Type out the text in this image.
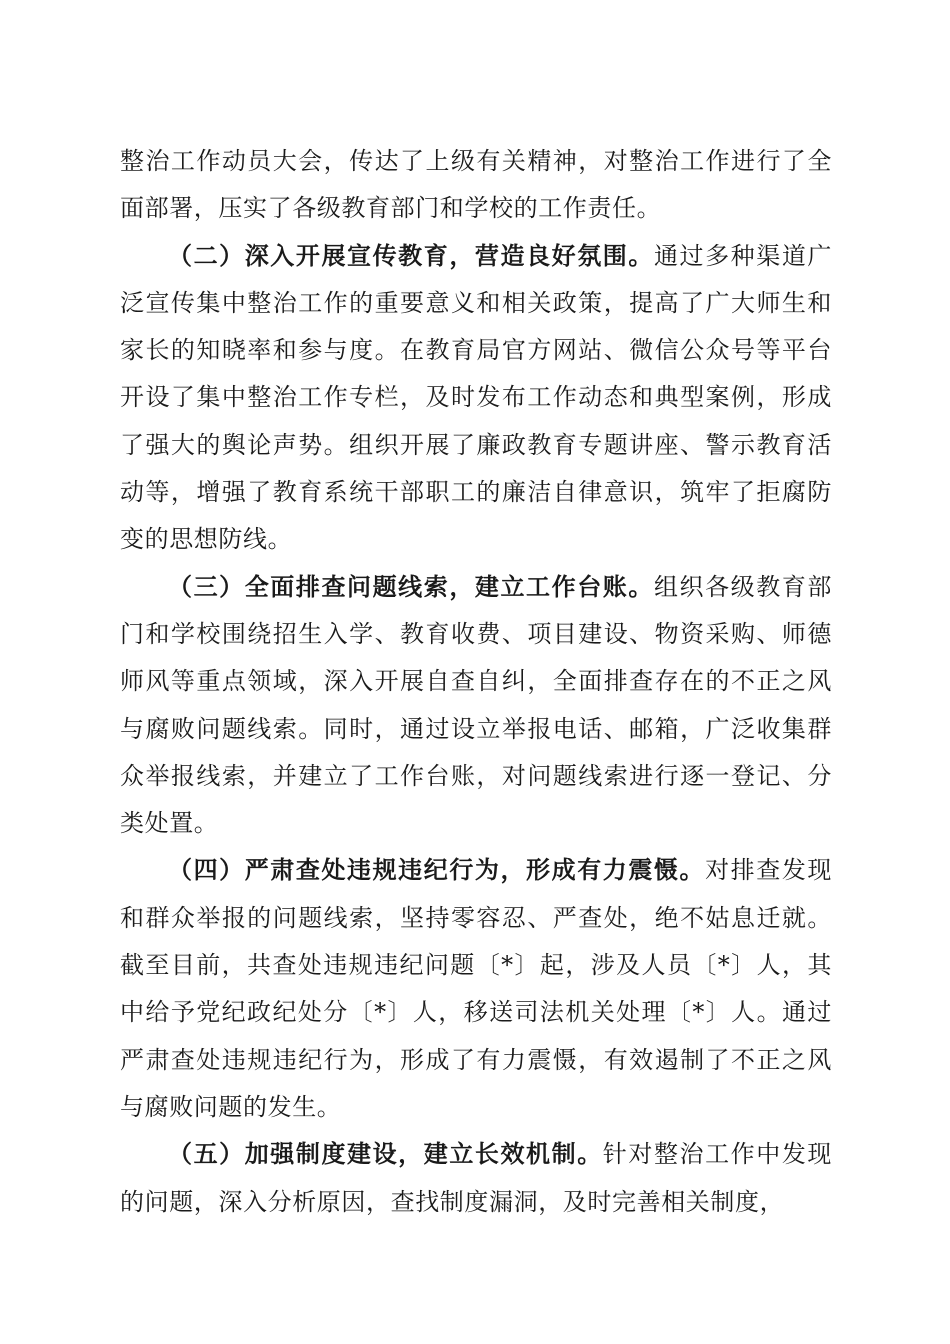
整治工作动员大会，传达了上级有关精神，对整治工作进行了全面部署，压实了各级教育部门和学校的工作责任。

（二）深入开展宣传教育，营造良好氛围。通过多种渠道广泛宣传集中整治工作的重要意义和相关政策，提高了广大师生和家长的知晓率和参与度。在教育局官方网站、微信公众号等平台开设了集中整治工作专栏，及时发布工作动态和典型案例，形成了强大的舆论声势。组织开展了廉政教育专题讲座、警示教育活动等，增强了教育系统干部职工的廉洁自律意识，筑牢了拒腐防变的思想防线。

（三）全面排查问题线索，建立工作台账。组织各级教育部门和学校围绕招生入学、教育收费、项目建设、物资采购、师德师风等重点领域，深入开展自查自纠，全面排查存在的不正之风与腐败问题线索。同时，通过设立举报电话、邮箱，广泛收集群众举报线索，并建立了工作台账，对问题线索进行逐一登记、分类处置。

（四）严肃查处违规违纪行为，形成有力震慑。对排查发现和群众举报的问题线索，坚持零容忍、严查处，绝不姑息迁就。截至目前，共查处违规违纪问题〔*〕起，涉及人员〔*〕人，其中给予党纪政纪处分〔*〕人，移送司法机关处理〔*〕人。通过严肃查处违规违纪行为，形成了有力震慑，有效遏制了不正之风与腐败问题的发生。

（五）加强制度建设，建立长效机制。针对整治工作中发现的问题，深入分析原因，查找制度漏洞，及时完善相关制度，
